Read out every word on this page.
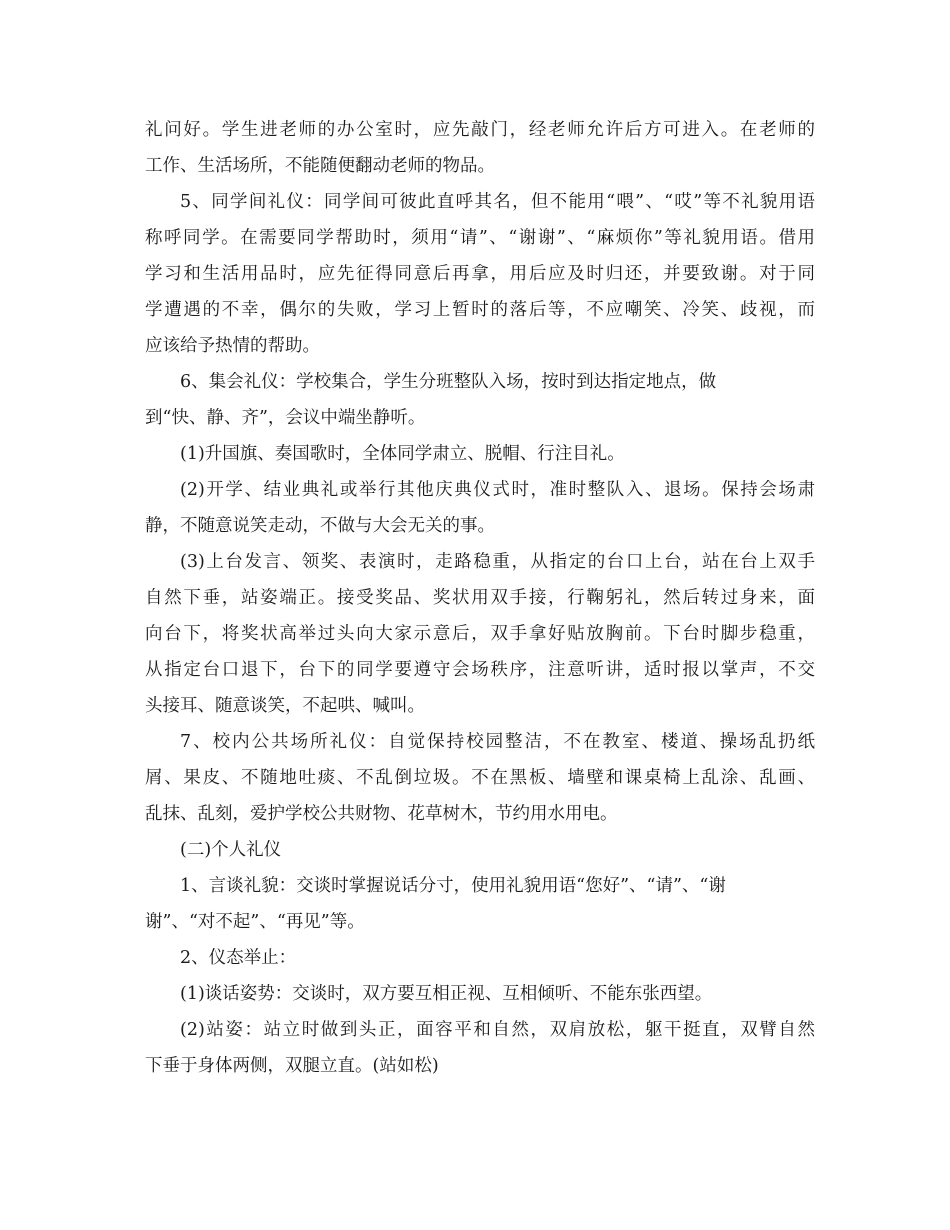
礼问好。学生进老师的办公室时，应先敲门，经老师允许后方可进入。在老师的
工作、生活场所，不能随便翻动老师的物品。
5、同学间礼仪：同学间可彼此直呼其名，但不能用“喂”、“哎”等不礼貌用语
称呼同学。在需要同学帮助时，须用“请”、“谢谢”、“麻烦你”等礼貌用语。借用
学习和生活用品时，应先征得同意后再拿，用后应及时归还，并要致谢。对于同
学遭遇的不幸，偶尔的失败，学习上暂时的落后等，不应嘲笑、冷笑、歧视，而
应该给予热情的帮助。
6、集会礼仪：学校集合，学生分班整队入场，按时到达指定地点，做
到“快、静、齐”，会议中端坐静听。
(1)升国旗、奏国歌时，全体同学肃立、脱帽、行注目礼。
(2)开学、结业典礼或举行其他庆典仪式时，准时整队入、退场。保持会场肃
静，不随意说笑走动，不做与大会无关的事。
(3)上台发言、领奖、表演时，走路稳重，从指定的台口上台，站在台上双手
自然下垂，站姿端正。接受奖品、奖状用双手接，行鞠躬礼，然后转过身来，面
向台下，将奖状高举过头向大家示意后，双手拿好贴放胸前。下台时脚步稳重，
从指定台口退下，台下的同学要遵守会场秩序，注意听讲，适时报以掌声，不交
头接耳、随意谈笑，不起哄、喊叫。
7、校内公共场所礼仪：自觉保持校园整洁，不在教室、楼道、操场乱扔纸
屑、果皮、不随地吐痰、不乱倒垃圾。不在黑板、墙壁和课桌椅上乱涂、乱画、
乱抹、乱刻，爱护学校公共财物、花草树木，节约用水用电。
(二)个人礼仪
1、言谈礼貌：交谈时掌握说话分寸，使用礼貌用语“您好”、“请”、“谢
谢”、“对不起”、“再见”等。
2、仪态举止：
(1)谈话姿势：交谈时，双方要互相正视、互相倾听、不能东张西望。
(2)站姿：站立时做到头正，面容平和自然，双肩放松，躯干挺直，双臂自然
下垂于身体两侧，双腿立直。(站如松)
